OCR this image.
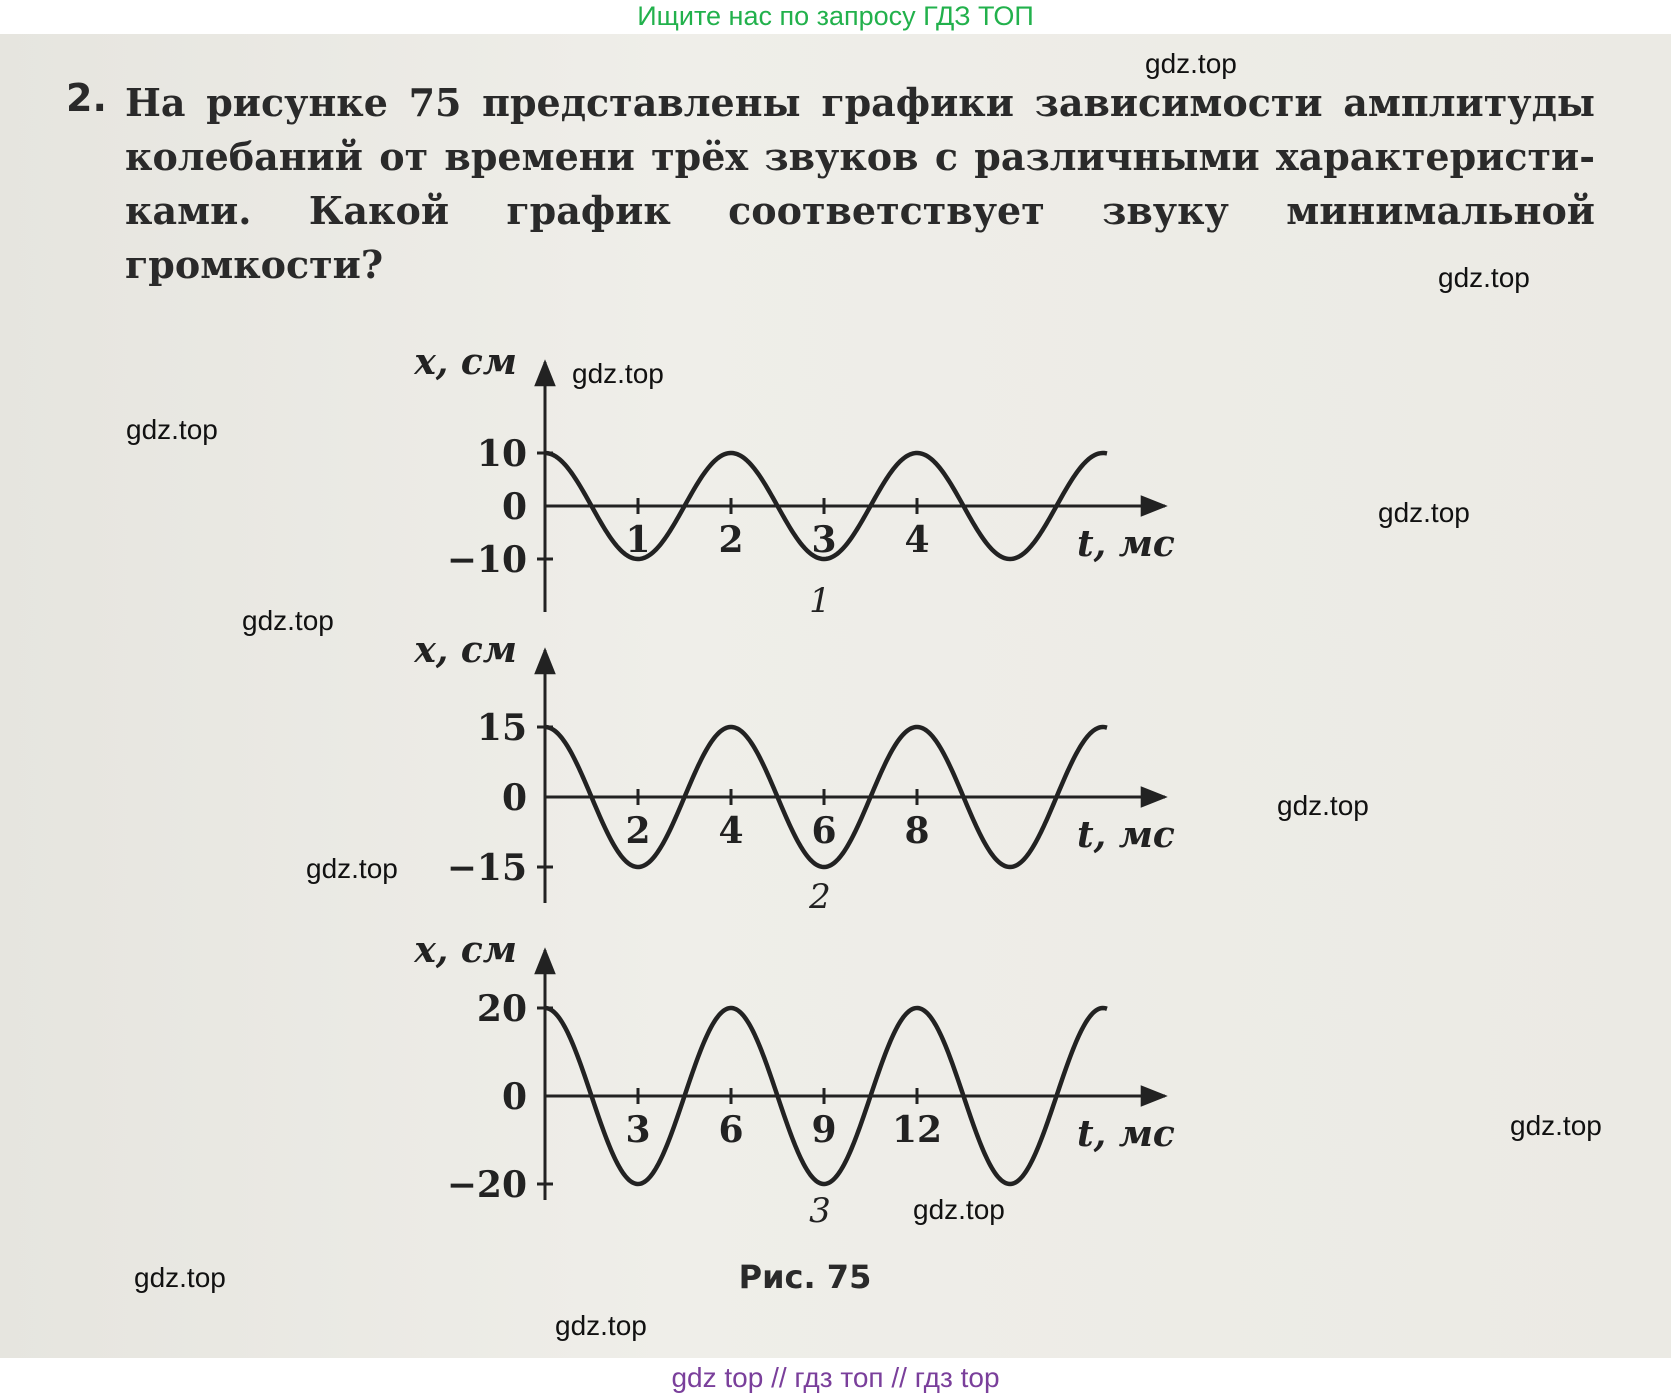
Ищите нас по запросу ГДЗ ТОП
2. На рисунке 75 представлены графики зависимости амплитуды колебаний от времени трёх звуков с различными характеристиками. Какой график соответствует звуку минимальной громкости?

10
0
−10	1 2 3 4
x, см
t, мс
1
15
0
−15
2 4 6 8
x, см
t, мс
2
20
0
−20
3 6 9 12
x, см
t, мс
3
Рис. 75
gdz.top
gdz.top
gdz.top
gdz.top
gdz.top
gdz.top
gdz.top
gdz.top
gdz.top
gdz.top
gdz.top
gdz.top
gdz top // гдз топ // гдз top
